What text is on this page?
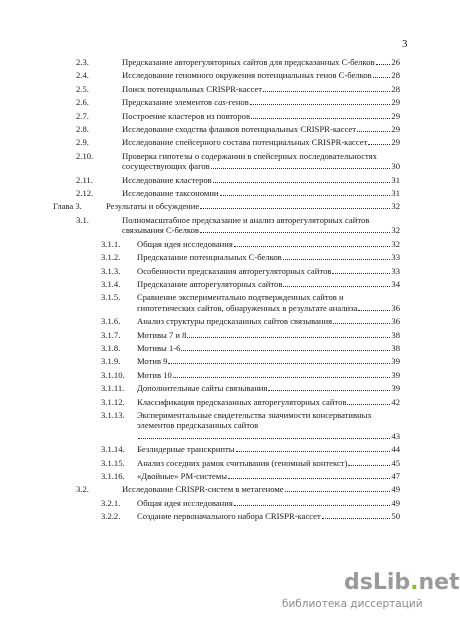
3
2.3.	Предсказание авторегуляторных сайтов для предсказанных С-белков 26
2.4.	Исследование геномного окружения потенциальных генов С-белков 28
2.5.	Поиск потенциальных CRISPR-кассет	28
2.6.	Предсказание элементов cas-генов	29
2.7.	Построение кластеров из повторов	29
2.8.	Исследование сходства фланков потенциальных CRISPR-кассет	29
2.9.	Исследование спейсерного состава потенциальных CRISPR-кассет	29
2.10.	Проверка гипотезы о содержании в спейсерных последовательностях
сосуществующих фагов	30
2.11.	Исследование кластеров	31
2.12.	Исследование таксономии	31
Глава 3.	Результаты и обсуждение	32
3.1.	Полномасштабное предсказание и анализ авторегуляторных сайтов
связывания С-белков	32
3.1.1. Общая идея исследования	32
3.1.2. Предсказание потенциальных С-белков	33
3.1.3. Особенности предсказания авторегуляторных сайтов	33
3.1.4. Предсказание авторегуляторных сайтов	34
3.1.5. Сравнение экспериментально подтвержденных сайтов и
гипотетических сайтов, обнаруженных в результате анализа	36
3.1.6. Анализ структуры предсказанных сайтов связывания	36
3.1.7. Мотивы 7 и 8	38
3.1.8. Мотивы 1-6	38
3.1.9. Мотив 9	39
3.1.10. Мотив 10	39
3.1.11. Дополнительные сайты связывания	39
3.1.12. Классификация предсказанных авторегуляторных сайтов	42
3.1.13. Экспериментальные свидетельства значимости консервативных
элементов предсказанных сайтов
43
3.1.14. Безлидерные транскрипты	44
3.1.15. Анализ соседних рамок считывания (геномный контекст)	45
3.1.16. «Двойные» РМ-системы	47
3.2.	Исследование CRISPR-систем в метагеноме	49
3.2.1. Общая идея исследования	49
3.2.2. Создание первоначального набора CRISPR-кассет	50
dsLib.net
библиотека диссертаций
